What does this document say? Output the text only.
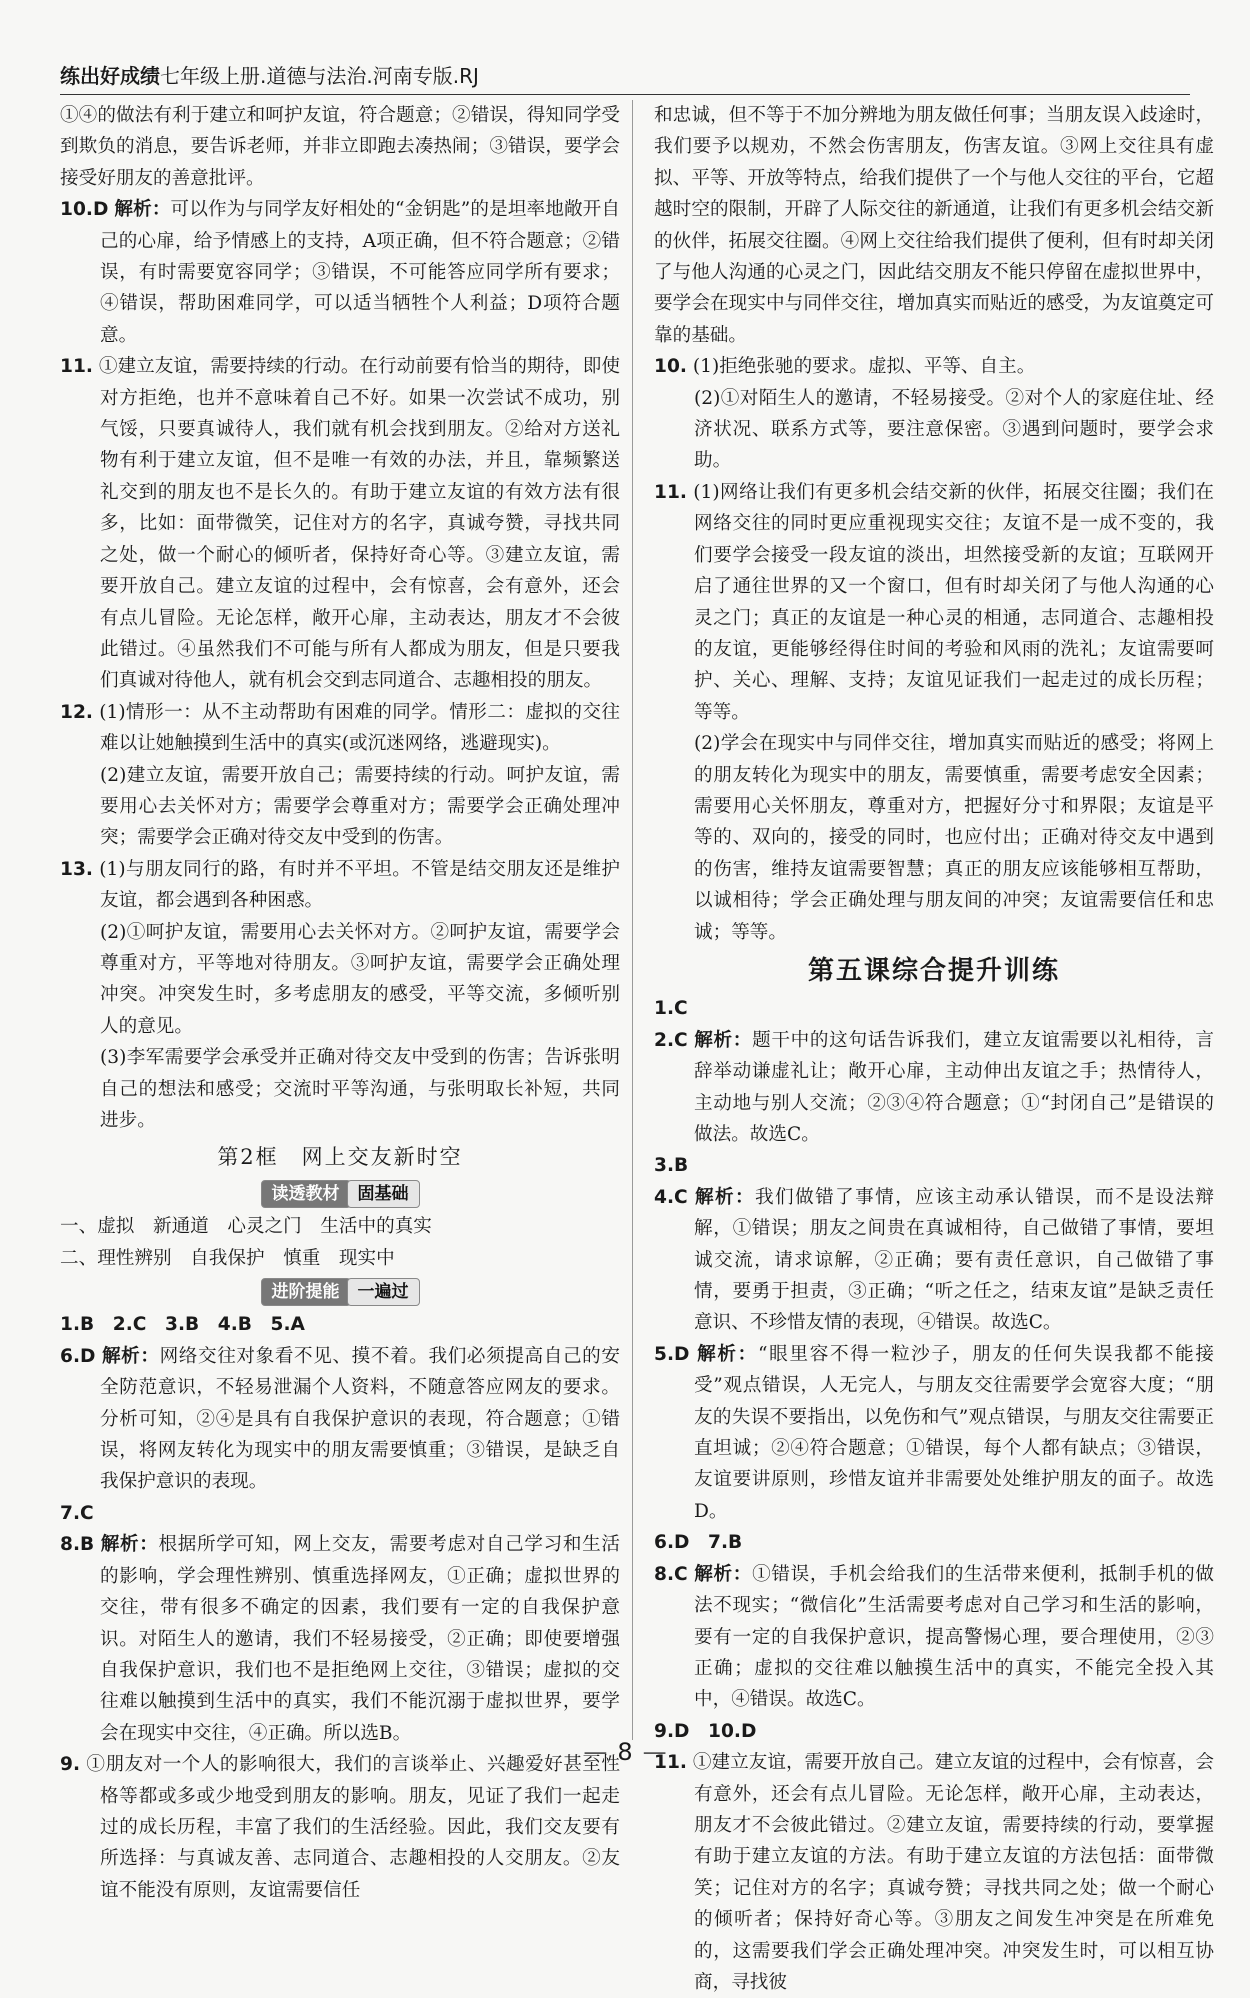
练出好成绩七年级上册.道德与法治.河南专版.RJ

①④的做法有利于建立和呵护友谊，符合题意；②错误，得知同学受到欺负的消息，要告诉老师，并非立即跑去凑热闹；③错误，要学会接受好朋友的善意批评。

10.D 解析：可以作为与同学友好相处的“金钥匙”的是坦率地敞开自己的心扉，给予情感上的支持，A项正确，但不符合题意；②错误，有时需要宽容同学；③错误，不可能答应同学所有要求；④错误，帮助困难同学，可以适当牺牲个人利益；D项符合题意。

11. ①建立友谊，需要持续的行动。在行动前要有恰当的期待，即使对方拒绝，也并不意味着自己不好。如果一次尝试不成功，别气馁，只要真诚待人，我们就有机会找到朋友。②给对方送礼物有利于建立友谊，但不是唯一有效的办法，并且，靠频繁送礼交到的朋友也不是长久的。有助于建立友谊的有效方法有很多，比如：面带微笑，记住对方的名字，真诚夸赞，寻找共同之处，做一个耐心的倾听者，保持好奇心等。③建立友谊，需要开放自己。建立友谊的过程中，会有惊喜，会有意外，还会有点儿冒险。无论怎样，敞开心扉，主动表达，朋友才不会彼此错过。④虽然我们不可能与所有人都成为朋友，但是只要我们真诚对待他人，就有机会交到志同道合、志趣相投的朋友。

12. (1)情形一：从不主动帮助有困难的同学。情形二：虚拟的交往难以让她触摸到生活中的真实(或沉迷网络，逃避现实)。

(2)建立友谊，需要开放自己；需要持续的行动。呵护友谊，需要用心去关怀对方；需要学会尊重对方；需要学会正确处理冲突；需要学会正确对待交友中受到的伤害。

13. (1)与朋友同行的路，有时并不平坦。不管是结交朋友还是维护友谊，都会遇到各种困惑。

(2)①呵护友谊，需要用心去关怀对方。②呵护友谊，需要学会尊重对方，平等地对待朋友。③呵护友谊，需要学会正确处理冲突。冲突发生时，多考虑朋友的感受，平等交流，多倾听别人的意见。

(3)李军需要学会承受并正确对待交友中受到的伤害；告诉张明自己的想法和感受；交流时平等沟通，与张明取长补短，共同进步。

第2框　网上交友新时空
读透教材 固基础

一、虚拟　新通道　心灵之门　生活中的真实

二、理性辨别　自我保护　慎重　现实中

进阶提能 一遍过

1.B　2.C　3.B　4.B　5.A

6.D 解析：网络交往对象看不见、摸不着。我们必须提高自己的安全防范意识，不轻易泄漏个人资料，不随意答应网友的要求。分析可知，②④是具有自我保护意识的表现，符合题意；①错误，将网友转化为现实中的朋友需要慎重；③错误，是缺乏自我保护意识的表现。

7.C

8.B 解析：根据所学可知，网上交友，需要考虑对自己学习和生活的影响，学会理性辨别、慎重选择网友，①正确；虚拟世界的交往，带有很多不确定的因素，我们要有一定的自我保护意识。对陌生人的邀请，我们不轻易接受，②正确；即使要增强自我保护意识，我们也不是拒绝网上交往，③错误；虚拟的交往难以触摸到生活中的真实，我们不能沉溺于虚拟世界，要学会在现实中交往，④正确。所以选B。

9. ①朋友对一个人的影响很大，我们的言谈举止、兴趣爱好甚至性格等都或多或少地受到朋友的影响。朋友，见证了我们一起走过的成长历程，丰富了我们的生活经验。因此，我们交友要有所选择：与真诚友善、志同道合、志趣相投的人交朋友。②友谊不能没有原则，友谊需要信任

和忠诚，但不等于不加分辨地为朋友做任何事；当朋友误入歧途时，我们要予以规劝，不然会伤害朋友，伤害友谊。③网上交往具有虚拟、平等、开放等特点，给我们提供了一个与他人交往的平台，它超越时空的限制，开辟了人际交往的新通道，让我们有更多机会结交新的伙伴，拓展交往圈。④网上交往给我们提供了便利，但有时却关闭了与他人沟通的心灵之门，因此结交朋友不能只停留在虚拟世界中，要学会在现实中与同伴交往，增加真实而贴近的感受，为友谊奠定可靠的基础。

10. (1)拒绝张驰的要求。虚拟、平等、自主。

(2)①对陌生人的邀请，不轻易接受。②对个人的家庭住址、经济状况、联系方式等，要注意保密。③遇到问题时，要学会求助。

11. (1)网络让我们有更多机会结交新的伙伴，拓展交往圈；我们在网络交往的同时更应重视现实交往；友谊不是一成不变的，我们要学会接受一段友谊的淡出，坦然接受新的友谊；互联网开启了通往世界的又一个窗口，但有时却关闭了与他人沟通的心灵之门；真正的友谊是一种心灵的相通，志同道合、志趣相投的友谊，更能够经得住时间的考验和风雨的洗礼；友谊需要呵护、关心、理解、支持；友谊见证我们一起走过的成长历程；等等。

(2)学会在现实中与同伴交往，增加真实而贴近的感受；将网上的朋友转化为现实中的朋友，需要慎重，需要考虑安全因素；需要用心关怀朋友，尊重对方，把握好分寸和界限；友谊是平等的、双向的，接受的同时，也应付出；正确对待交友中遇到的伤害，维持友谊需要智慧；真正的朋友应该能够相互帮助，以诚相待；学会正确处理与朋友间的冲突；友谊需要信任和忠诚；等等。

第五课综合提升训练

1.C

2.C 解析：题干中的这句话告诉我们，建立友谊需要以礼相待，言辞举动谦虚礼让；敞开心扉，主动伸出友谊之手；热情待人，主动地与别人交流；②③④符合题意；①“封闭自己”是错误的做法。故选C。

3.B

4.C 解析：我们做错了事情，应该主动承认错误，而不是设法辩解，①错误；朋友之间贵在真诚相待，自己做错了事情，要坦诚交流，请求谅解，②正确；要有责任意识，自己做错了事情，要勇于担责，③正确；“听之任之，结束友谊”是缺乏责任意识、不珍惜友情的表现，④错误。故选C。

5.D 解析：“眼里容不得一粒沙子，朋友的任何失误我都不能接受”观点错误，人无完人，与朋友交往需要学会宽容大度；“朋友的失误不要指出，以免伤和气”观点错误，与朋友交往需要正直坦诚；②④符合题意；①错误，每个人都有缺点；③错误，友谊要讲原则，珍惜友谊并非需要处处维护朋友的面子。故选D。

6.D　7.B

8.C 解析：①错误，手机会给我们的生活带来便利，抵制手机的做法不现实；“微信化”生活需要考虑对自己学习和生活的影响，要有一定的自我保护意识，提高警惕心理，要合理使用，②③正确；虚拟的交往难以触摸生活中的真实，不能完全投入其中，④错误。故选C。

9.D　10.D

11. ①建立友谊，需要开放自己。建立友谊的过程中，会有惊喜，会有意外，还会有点儿冒险。无论怎样，敞开心扉，主动表达，朋友才不会彼此错过。②建立友谊，需要持续的行动，要掌握有助于建立友谊的方法。有助于建立友谊的方法包括：面带微笑；记住对方的名字；真诚夸赞；寻找共同之处；做一个耐心的倾听者；保持好奇心等。③朋友之间发生冲突是在所难免的，这需要我们学会正确处理冲突。冲突发生时，可以相互协商，寻找彼

— 8 —
